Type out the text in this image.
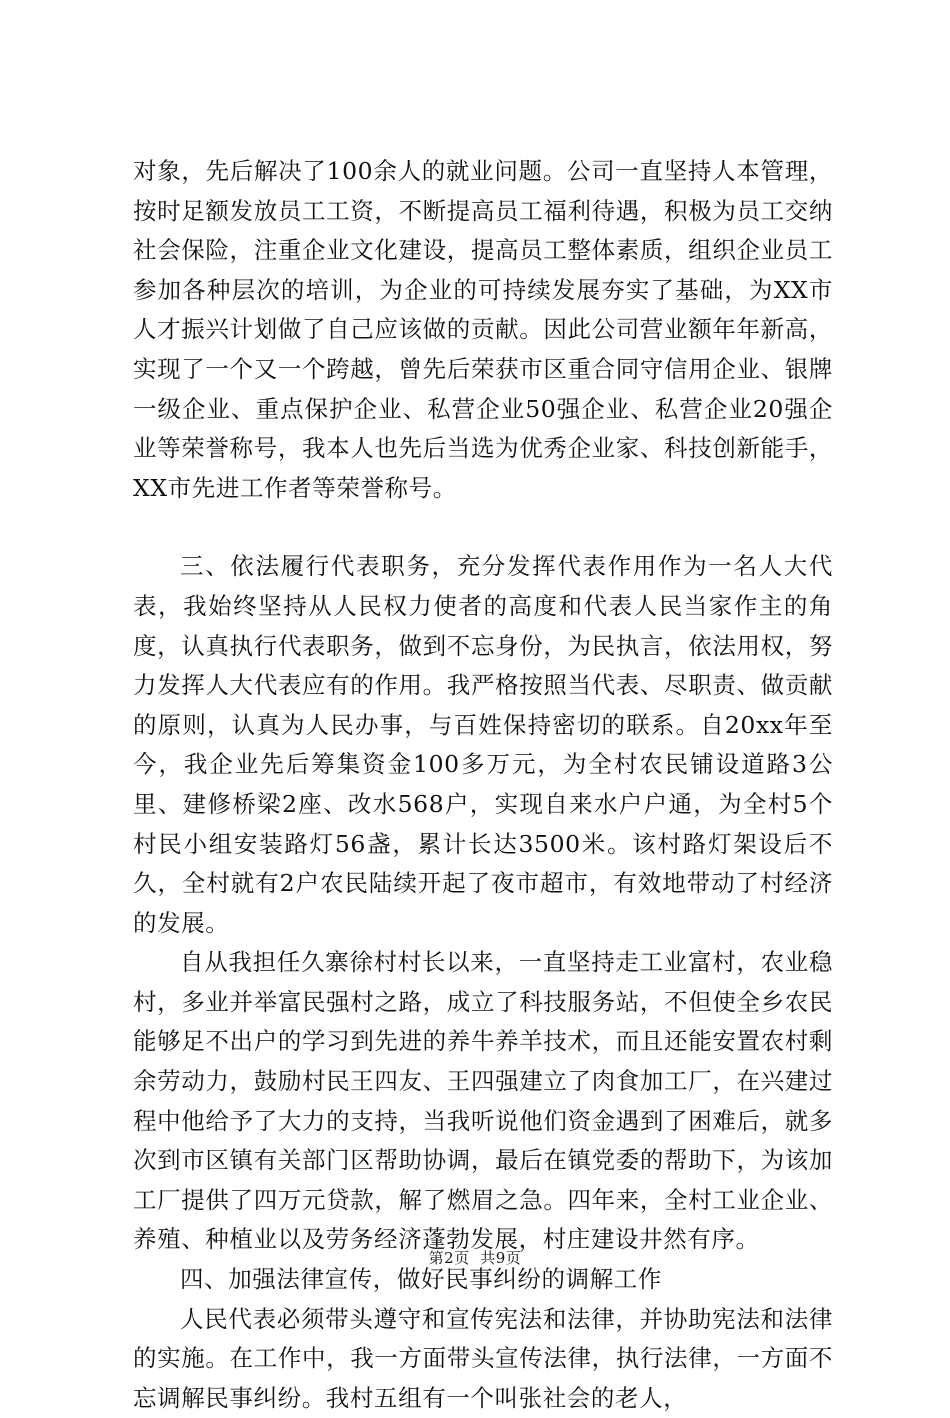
对象，先后解决了100余人的就业问题。公司一直坚持人本管理，按时足额发放员工工资，不断提高员工福利待遇，积极为员工交纳社会保险，注重企业文化建设，提高员工整体素质，组织企业员工参加各种层次的培训，为企业的可持续发展夯实了基础，为XX市人才振兴计划做了自己应该做的贡献。因此公司营业额年年新高，实现了一个又一个跨越，曾先后荣获市区重合同守信用企业、银牌一级企业、重点保护企业、私营企业50强企业、私营企业20强企业等荣誉称号，我本人也先后当选为优秀企业家、科技创新能手，XX市先进工作者等荣誉称号。

三、依法履行代表职务，充分发挥代表作用作为一名人大代表，我始终坚持从人民权力使者的高度和代表人民当家作主的角度，认真执行代表职务，做到不忘身份，为民执言，依法用权，努力发挥人大代表应有的作用。我严格按照当代表、尽职责、做贡献的原则，认真为人民办事，与百姓保持密切的联系。自20xx年至今，我企业先后筹集资金100多万元，为全村农民铺设道路3公里、建修桥梁2座、改水568户，实现自来水户户通，为全村5个村民小组安装路灯56盏，累计长达3500米。该村路灯架设后不久，全村就有2户农民陆续开起了夜市超市，有效地带动了村经济的发展。

自从我担任久寨徐村村长以来，一直坚持走工业富村，农业稳村，多业并举富民强村之路，成立了科技服务站，不但使全乡农民能够足不出户的学习到先进的养牛养羊技术，而且还能安置农村剩余劳动力，鼓励村民王四友、王四强建立了肉食加工厂，在兴建过程中他给予了大力的支持，当我听说他们资金遇到了困难后，就多次到市区镇有关部门区帮助协调，最后在镇党委的帮助下，为该加工厂提供了四万元贷款，解了燃眉之急。四年来，全村工业企业、养殖、种植业以及劳务经济蓬勃发展，村庄建设井然有序。

四、加强法律宣传，做好民事纠纷的调解工作

人民代表必须带头遵守和宣传宪法和法律，并协助宪法和法律的实施。在工作中，我一方面带头宣传法律，执行法律，一方面不忘调解民事纠纷。我村五组有一个叫张社会的老人，

第2页 共9页
